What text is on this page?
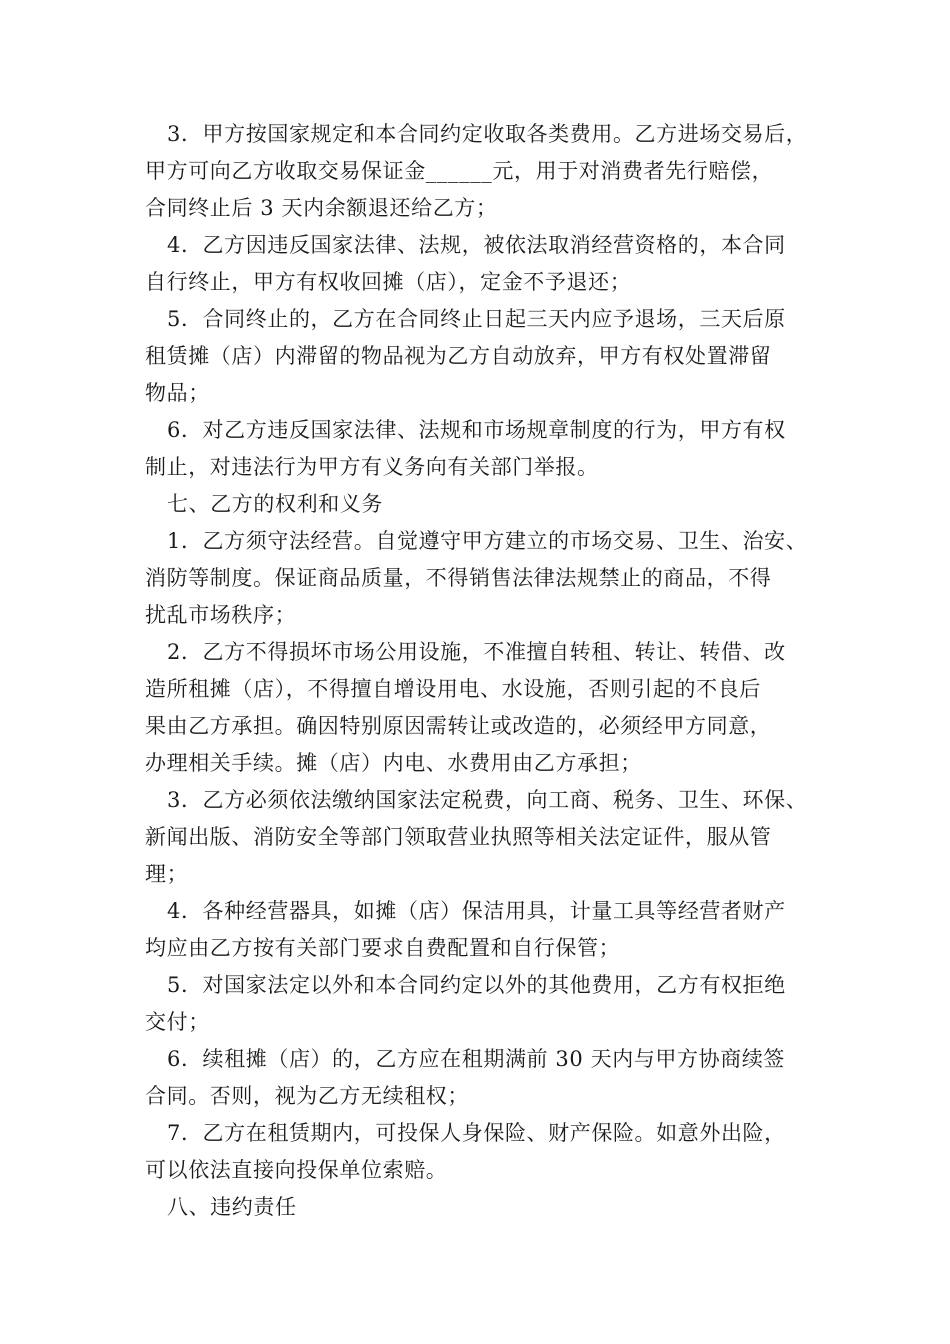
3．甲方按国家规定和本合同约定收取各类费用。乙方进场交易后，
甲方可向乙方收取交易保证金______元，用于对消费者先行赔偿，
合同终止后 3 天内余额退还给乙方；

4．乙方因违反国家法律、法规，被依法取消经营资格的，本合同
自行终止，甲方有权收回摊（店），定金不予退还；

5．合同终止的，乙方在合同终止日起三天内应予退场，三天后原
租赁摊（店）内滞留的物品视为乙方自动放弃，甲方有权处置滞留
物品；

6．对乙方违反国家法律、法规和市场规章制度的行为，甲方有权
制止，对违法行为甲方有义务向有关部门举报。

七、乙方的权利和义务

1．乙方须守法经营。自觉遵守甲方建立的市场交易、卫生、治安、
消防等制度。保证商品质量，不得销售法律法规禁止的商品，不得
扰乱市场秩序；

2．乙方不得损坏市场公用设施，不准擅自转租、转让、转借、改
造所租摊（店），不得擅自增设用电、水设施，否则引起的不良后
果由乙方承担。确因特别原因需转让或改造的，必须经甲方同意，
办理相关手续。摊（店）内电、水费用由乙方承担；

3．乙方必须依法缴纳国家法定税费，向工商、税务、卫生、环保、
新闻出版、消防安全等部门领取营业执照等相关法定证件，服从管
理；

4．各种经营器具，如摊（店）保洁用具，计量工具等经营者财产
均应由乙方按有关部门要求自费配置和自行保管；

5．对国家法定以外和本合同约定以外的其他费用，乙方有权拒绝
交付；

6．续租摊（店）的，乙方应在租期满前 30 天内与甲方协商续签
合同。否则，视为乙方无续租权；

7．乙方在租赁期内，可投保人身保险、财产保险。如意外出险，
可以依法直接向投保单位索赔。

八、违约责任
